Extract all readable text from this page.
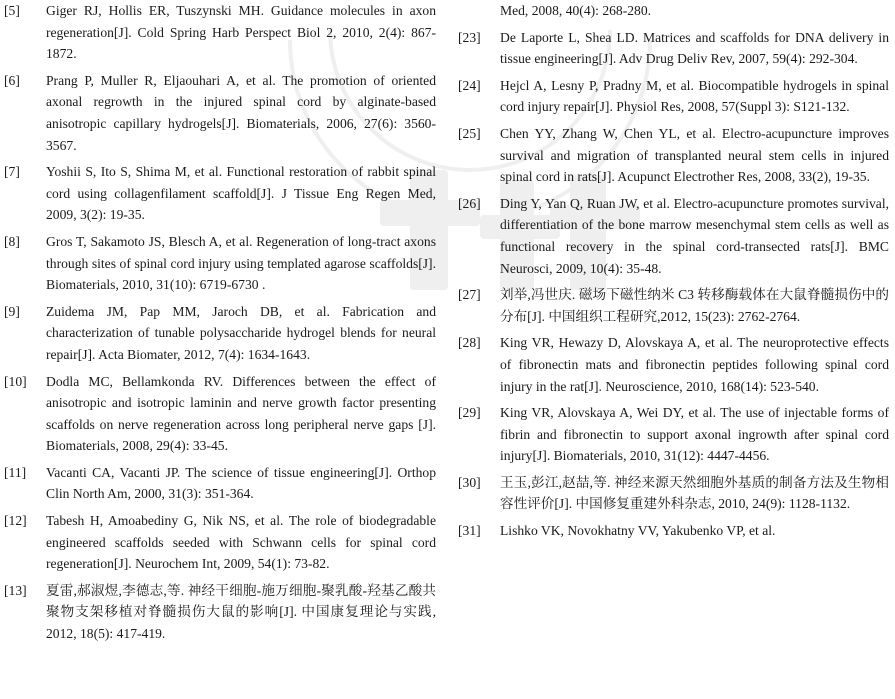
[5]	Giger RJ, Hollis ER, Tuszynski MH. Guidance molecules in axon regeneration[J]. Cold Spring Harb Perspect Biol 2, 2010, 2(4): 867-1872.

[6]	Prang P, Muller R, Eljaouhari A, et al. The promotion of oriented axonal regrowth in the injured spinal cord by alginate-based anisotropic capillary hydrogels[J]. Biomaterials, 2006, 27(6): 3560-3567.

[7]	Yoshii S, Ito S, Shima M, et al. Functional restoration of rabbit spinal cord using collagenfilament scaffold[J]. J Tissue Eng Regen Med, 2009, 3(2): 19-35.

[8]	Gros T, Sakamoto JS, Blesch A, et al. Regeneration of long-tract axons through sites of spinal cord injury using templated agarose scaffolds[J]. Biomaterials, 2010, 31(10): 6719-6730 .

[9]	Zuidema JM, Pap MM, Jaroch DB, et al. Fabrication and characterization of tunable polysaccharide hydrogel blends for neural repair[J]. Acta Biomater, 2012, 7(4): 1634-1643.

[10]	Dodla MC, Bellamkonda RV. Differences between the effect of anisotropic and isotropic laminin and nerve growth factor presenting scaffolds on nerve regeneration across long peripheral nerve gaps [J]. Biomaterials, 2008, 29(4): 33-45.

[11]	Vacanti CA, Vacanti JP. The science of tissue engineering[J]. Orthop Clin North Am, 2000, 31(3): 351-364.

[12]	Tabesh H, Amoabediny G, Nik NS, et al. The role of biodegradable engineered scaffolds seeded with Schwann cells for spinal cord regeneration[J]. Neurochem Int, 2009, 54(1): 73-82.

[13]	夏雷,郝淑煜,李德志,等. 神经干细胞-施万细胞-聚乳酸-羟基乙酸共聚物支架移植对脊髓损伤大鼠的影响[J]. 中国康复理论与实践, 2012, 18(5): 417-419.

Med, 2008, 40(4): 268-280.

[23]	De Laporte L, Shea LD. Matrices and scaffolds for DNA delivery in tissue engineering[J]. Adv Drug Deliv Rev, 2007, 59(4): 292-304.

[24]	Hejcl A, Lesny P, Pradny M, et al. Biocompatible hydrogels in spinal cord injury repair[J]. Physiol Res, 2008, 57(Suppl 3): S121-132.

[25]	Chen YY, Zhang W, Chen YL, et al. Electro-acupuncture improves survival and migration of transplanted neural stem cells in injured spinal cord in rats[J]. Acupunct Electrother Res, 2008, 33(2), 19-35.

[26]	Ding Y, Yan Q, Ruan JW, et al. Electro-acupuncture promotes survival, differentiation of the bone marrow mesenchymal stem cells as well as functional recovery in the spinal cord-transected rats[J]. BMC Neurosci, 2009, 10(4): 35-48.

[27]	刘举,冯世庆. 磁场下磁性纳米 C3 转移酶载体在大鼠脊髓损伤中的分布[J]. 中国组织工程研究,2012, 15(23): 2762-2764.

[28]	King VR, Hewazy D, Alovskaya A, et al. The neuroprotective effects of fibronectin mats and fibronectin peptides following spinal cord injury in the rat[J]. Neuroscience, 2010, 168(14): 523-540.

[29]	King VR, Alovskaya A, Wei DY, et al. The use of injectable forms of fibrin and fibronectin to support axonal ingrowth after spinal cord injury[J]. Biomaterials, 2010, 31(12): 4447-4456.

[30]	王玉,彭江,赵喆,等. 神经来源天然细胞外基质的制备方法及生物相容性评价[J]. 中国修复重建外科杂志, 2010, 24(9): 1128-1132.

[31]	Lishko VK, Novokhatny VV, Yakubenko VP, et al.
